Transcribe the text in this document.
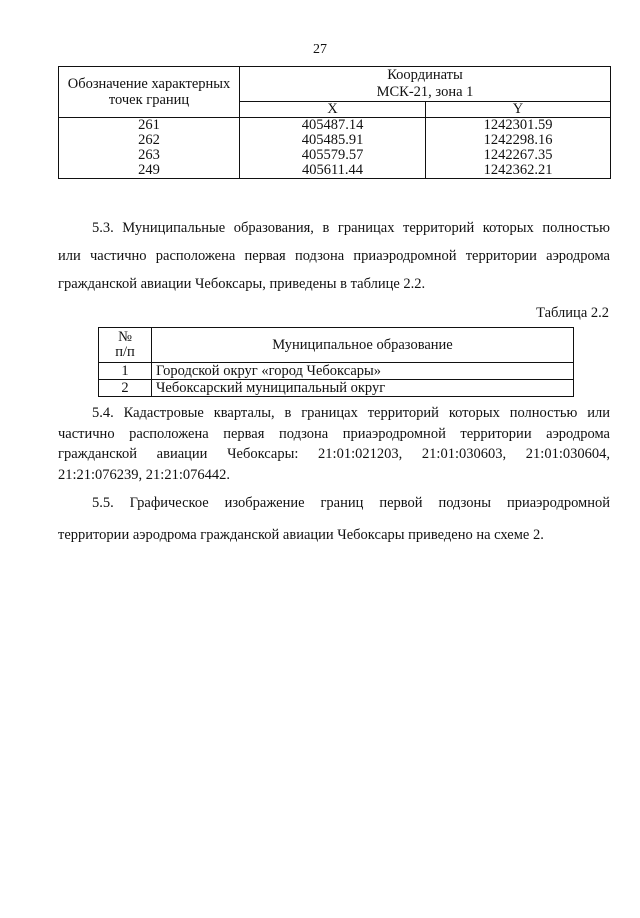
27
Обозначение характерных точек границ	Координаты
МСК-21, зона 1	

	X	Y
261	405487.14	1242301.59
262	405485.91	1242298.16
263	405579.57	1242267.35
249	405611.44	1242362.21
5.3. Муниципальные образования, в границах территорий которых полностью
или частично расположена первая подзона приаэродромной территории аэродрома
гражданской авиации Чебоксары, приведены в таблице 2.2.
Таблица 2.2
№
п/п	Муниципальное образование
1	Городской округ «город Чебоксары»
2	Чебоксарский муниципальный округ
5.4. Кадастровые кварталы, в границах территорий которых полностью или
частично расположена первая подзона приаэродромной территории аэродрома
гражданской авиации Чебоксары: 21:01:021203, 21:01:030603, 21:01:030604,
21:21:076239, 21:21:076442.
5.5. Графическое изображение границ первой подзоны приаэродромной
территории аэродрома гражданской авиации Чебоксары приведено на схеме 2.
